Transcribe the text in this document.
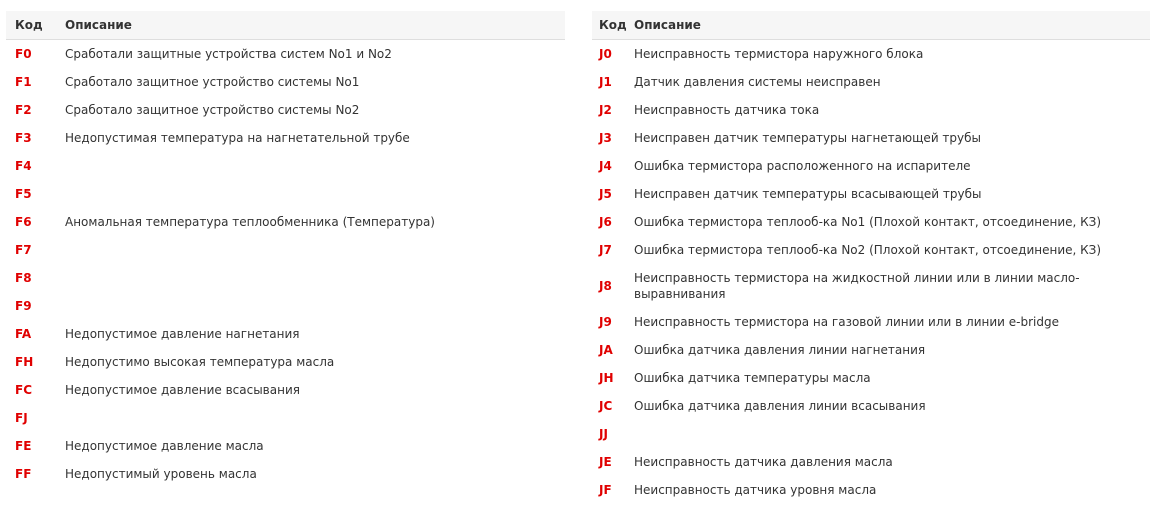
Код	Описание
F0	Сработали защитные устройства систем No1 и No2
F1	Сработало защитное устройство системы No1
F2	Сработало защитное устройство системы No2
F3	Недопустимая температура на нагнетательной трубе
F4	
F5	
F6	Аномальная температура теплообменника (Температура)
F7	
F8	
F9	
FA	Недопустимое давление нагнетания
FH	Недопустимо высокая температура масла
FC	Недопустимое давление всасывания
FJ	
FE	Недопустимое давление масла
FF	Недопустимый уровень масла
Код	Описание
J0	Неисправность термистора наружного блока
J1	Датчик давления системы неисправен
J2	Неисправность датчика тока
J3	Неисправен датчик температуры нагнетающей трубы
J4	Ошибка термистора расположенного на испарителе
J5	Неисправен датчик температуры всасывающей трубы
J6	Ошибка термистора теплооб-ка No1 (Плохой контакт, отсоединение, КЗ)
J7	Ошибка термистора теплооб-ка No2 (Плохой контакт, отсоединение, КЗ)
J8	Неисправность термистора на жидкостной линии или в линии масло-выравнивания
J9	Неисправность термистора на газовой линии или в линии e-bridge
JA	Ошибка датчика давления линии нагнетания
JH	Ошибка датчика температуры масла
JC	Ошибка датчика давления линии всасывания
JJ	
JE	Неисправность датчика давления масла
JF	Неисправность датчика уровня масла
